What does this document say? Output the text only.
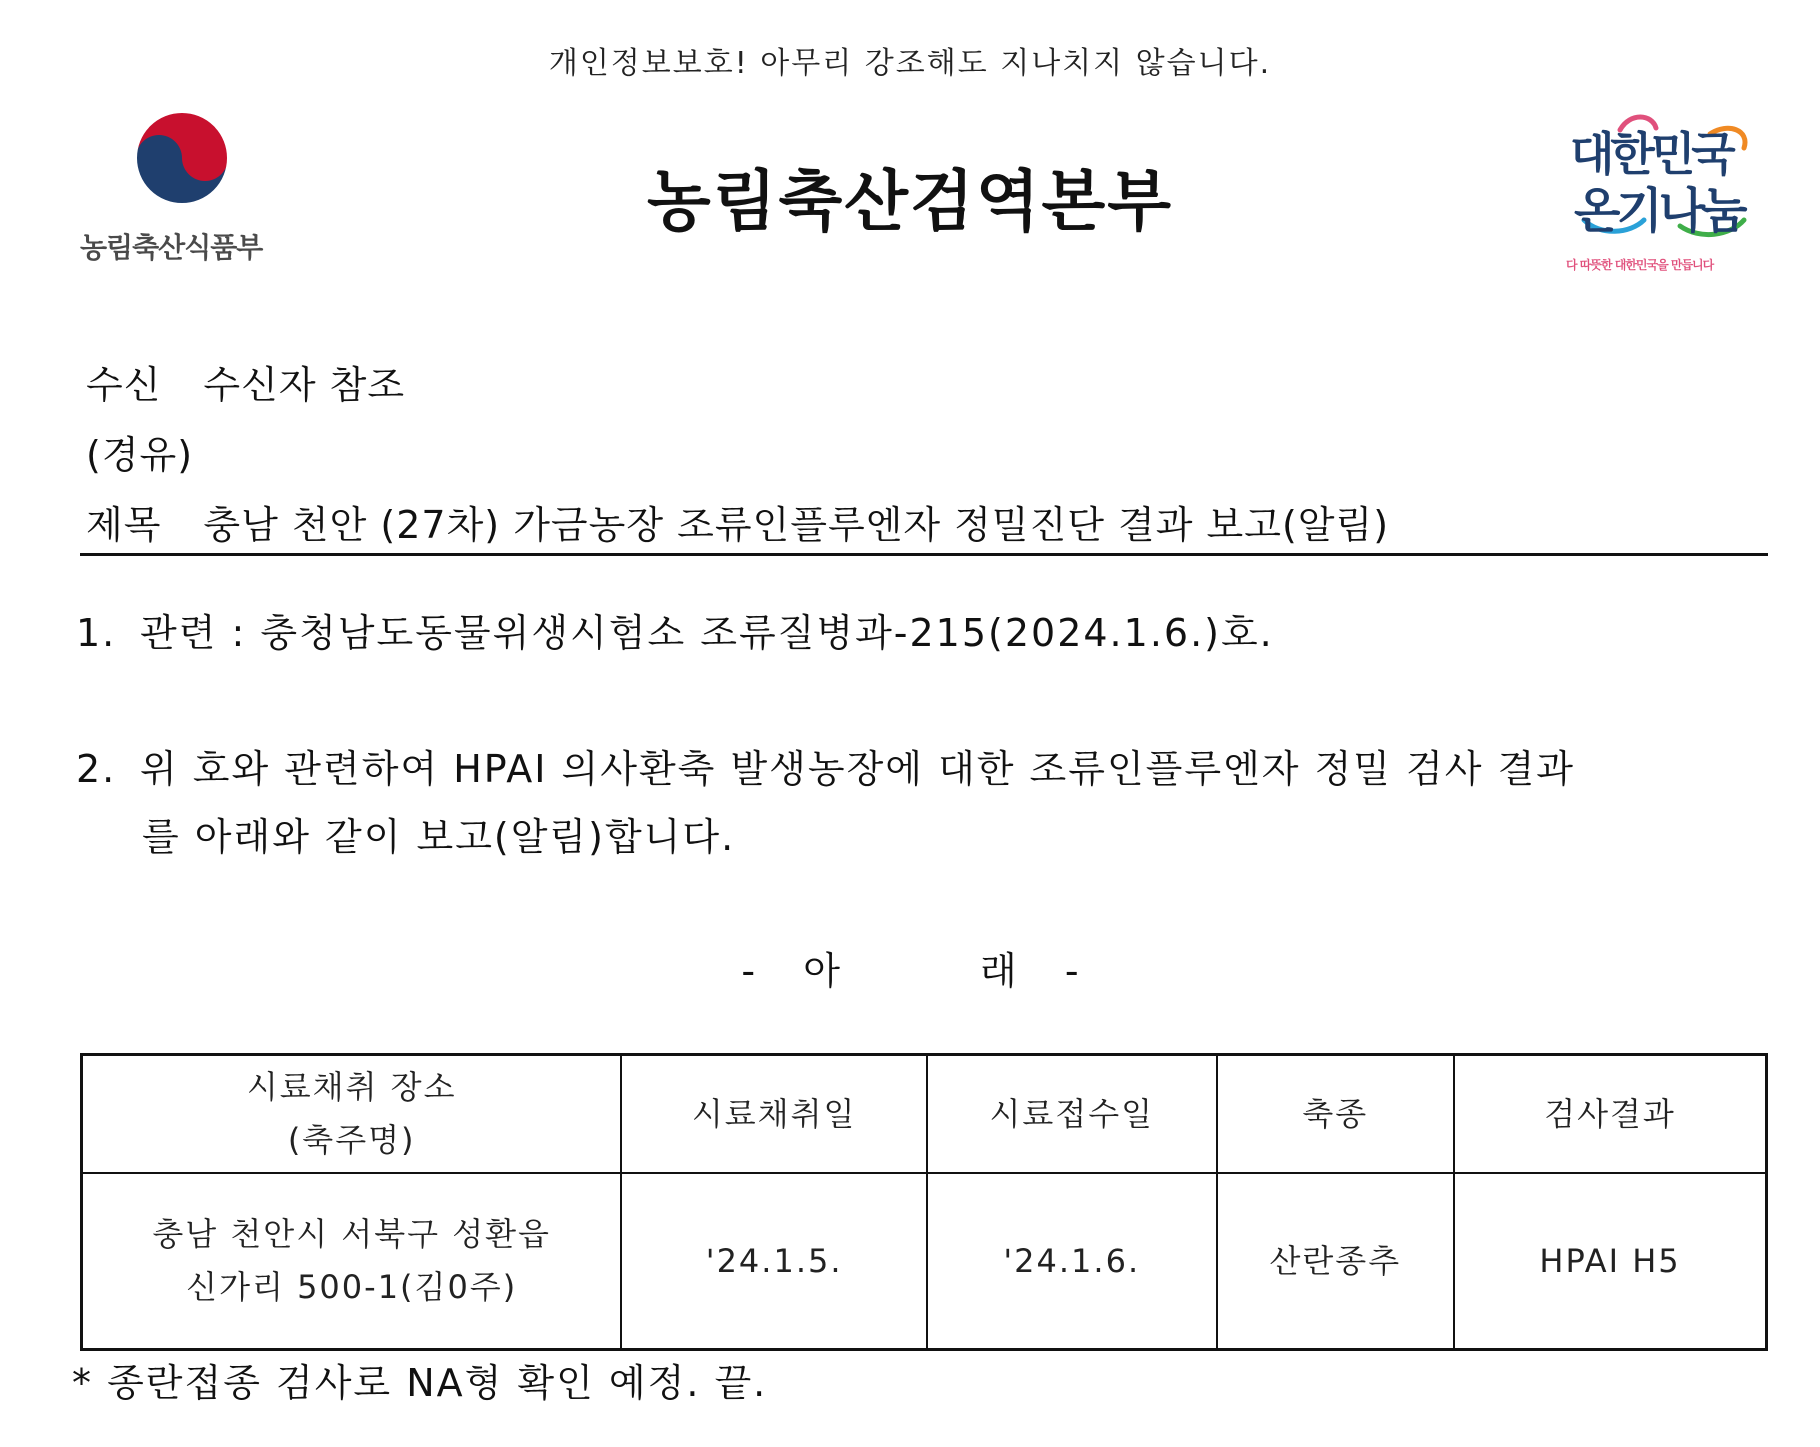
개인정보보호! 아무리 강조해도 지나치지 않습니다.
농림축산식품부
농림축산검역본부
대한민국
온기나눔
다 따뜻한 대한민국을 만듭니다
수신 수신자 참조
(경유)
제목 충남 천안 (27차) 가금농장 조류인플루엔자 정밀진단 결과 보고(알림)
1. 관련 : 충청남도동물위생시험소 조류질병과-215(2024.1.6.)호.
2. 위 호와 관련하여 HPAI 의사환축 발생농장에 대한 조류인플루엔자 정밀 검사 결과
를 아래와 같이 보고(알림)합니다.
- 아	래 -
시료채취 장소
(축주명)	시료채취일	시료접수일	축종	검사결과

충남 천안시 서북구 성환읍
신가리 500-1(김0주)	'24.1.5.	'24.1.6.	산란종추	HPAI H5
* 종란접종 검사로 NA형 확인 예정. 끝.
